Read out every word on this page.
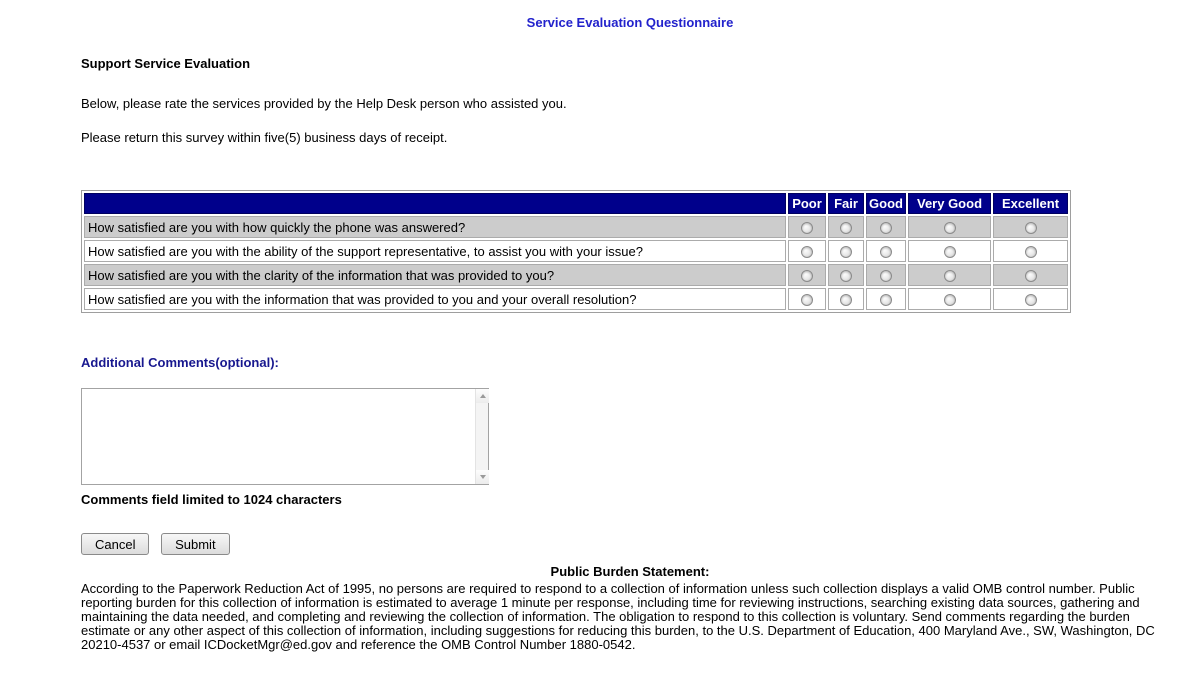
Service Evaluation Questionnaire
Support Service Evaluation

Below, please rate the services provided by the Help Desk person who assisted you.

Please return this survey within five(5) business days of receipt.

	Poor	Fair	Good	Very Good	Excellent
How satisfied are you with how quickly the phone was answered?					
How satisfied are you with the ability of the support representative, to assist you with your issue?					
How satisfied are you with the clarity of the information that was provided to you?					
How satisfied are you with the information that was provided to you and your overall resolution?					
Additional Comments(optional):
Comments field limited to 1024 characters
Cancel	Submit
Public Burden Statement:

According to the Paperwork Reduction Act of 1995, no persons are required to respond to a collection of information unless such collection displays a valid OMB control number. Public reporting burden for this collection of information is estimated to average 1 minute per response, including time for reviewing instructions, searching existing data sources, gathering and maintaining the data needed, and completing and reviewing the collection of information. The obligation to respond to this collection is voluntary. Send comments regarding the burden estimate or any other aspect of this collection of information, including suggestions for reducing this burden, to the U.S. Department of Education, 400 Maryland Ave., SW, Washington, DC 20210-4537 or email ICDocketMgr@ed.gov and reference the OMB Control Number 1880-0542.
